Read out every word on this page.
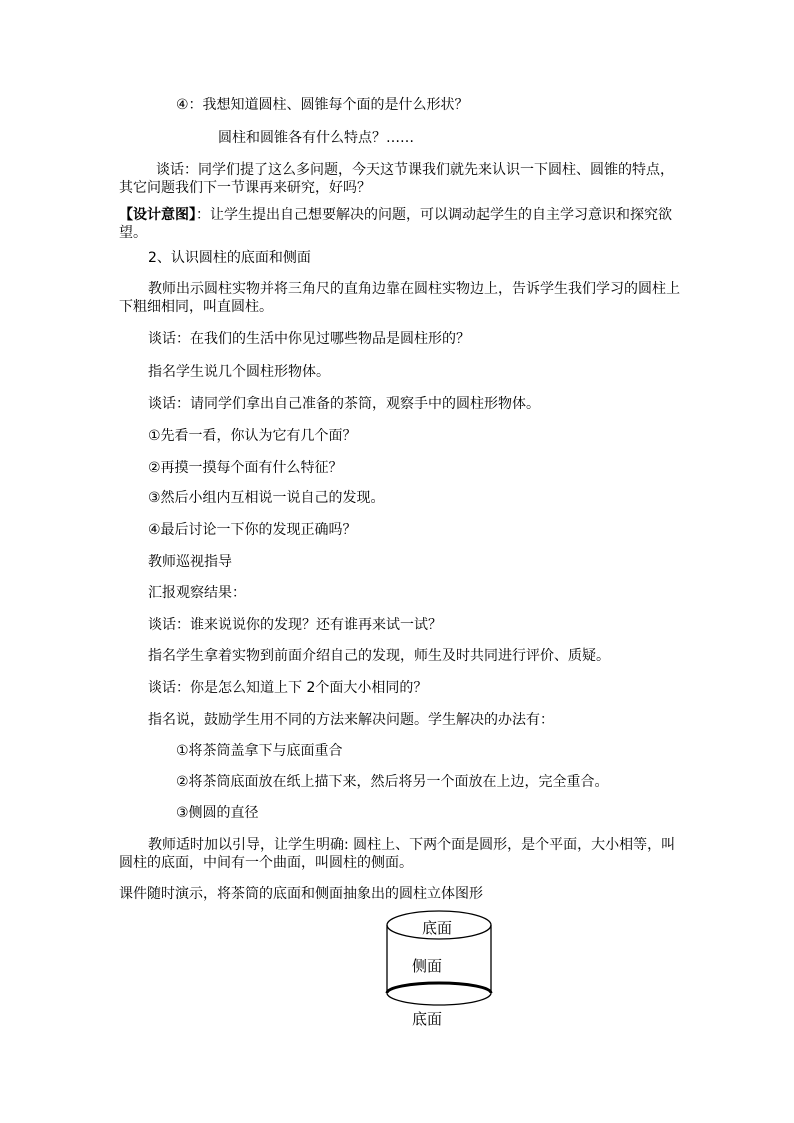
④：我想知道圆柱、圆锥每个面的是什么形状？
圆柱和圆锥各有什么特点？……
谈话：同学们提了这么多问题，今天这节课我们就先来认识一下圆柱、圆锥的特点，
其它问题我们下一节课再来研究，好吗？
【设计意图】：让学生提出自己想要解决的问题，可以调动起学生的自主学习意识和探究欲
望。
2、认识圆柱的底面和侧面
教师出示圆柱实物并将三角尺的直角边靠在圆柱实物边上，告诉学生我们学习的圆柱上
下粗细相同，叫直圆柱。
谈话：在我们的生活中你见过哪些物品是圆柱形的？
指名学生说几个圆柱形物体。
谈话：请同学们拿出自己准备的茶筒，观察手中的圆柱形物体。
①先看一看，你认为它有几个面？
②再摸一摸每个面有什么特征？
③然后小组内互相说一说自己的发现。
④最后讨论一下你的发现正确吗？
教师巡视指导
汇报观察结果：
谈话：谁来说说你的发现？还有谁再来试一试？
指名学生拿着实物到前面介绍自己的发现，师生及时共同进行评价、质疑。
谈话：你是怎么知道上下 2个面大小相同的？
指名说，鼓励学生用不同的方法来解决问题。学生解决的办法有：
①将茶筒盖拿下与底面重合
②将茶筒底面放在纸上描下来，然后将另一个面放在上边，完全重合。
③侧圆的直径
教师适时加以引导，让学生明确: 圆柱上、下两个面是圆形，是个平面，大小相等，叫
圆柱的底面，中间有一个曲面，叫圆柱的侧面。
课件随时演示，将茶筒的底面和侧面抽象出的圆柱立体图形
底面
侧面
底面
